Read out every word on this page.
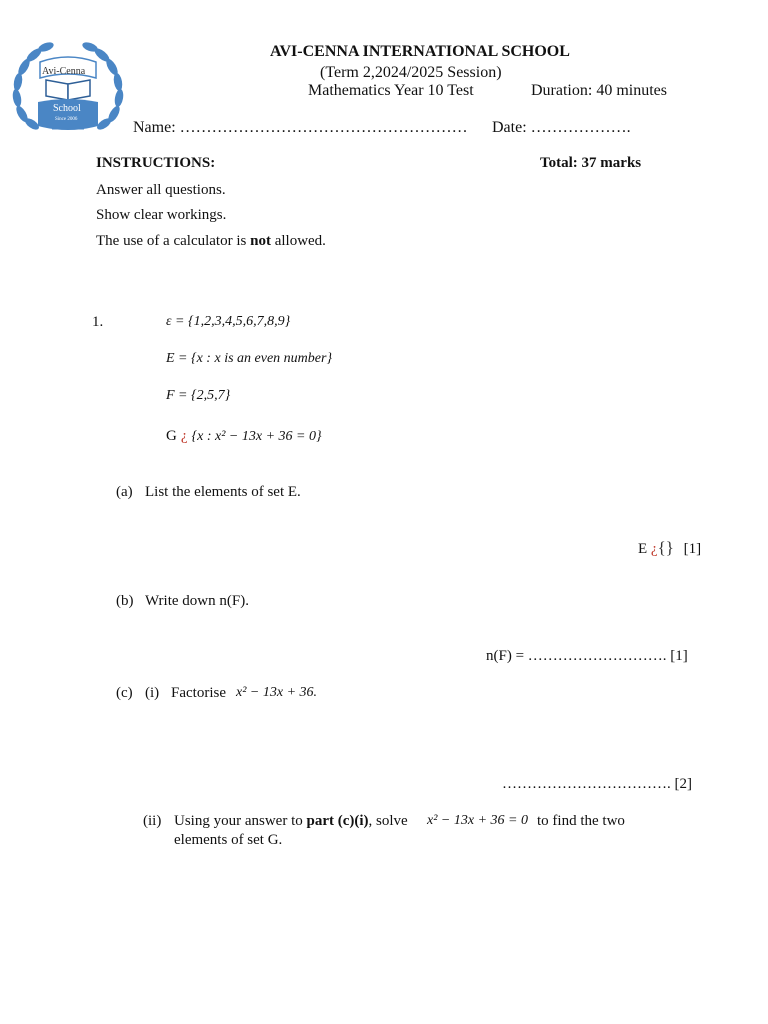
Avi-Cenna
School
Since 2006
AVI-CENNA INTERNATIONAL SCHOOL
(Term 2,2024/2025 Session)
Mathematics Year 10 Test	Duration: 40 minutes
Name: ……………………………………………… Date: ……………….
INSTRUCTIONS:	Total: 37 marks
Answer all questions.
Show clear workings.
The use of a calculator is not allowed.
1.	ε = {1,2,3,4,5,6,7,8,9}
E = {x : x is an even number}
F = {2,5,7}
G ¿ {x : x² − 13x + 36 = 0}
(a) List the elements of set E.
E ¿{} [1]
(b) Write down n(F).
n(F) = ………………………. [1]
(c) (i) Factorise x² − 13x + 36.
……………………………. [2]
(ii) Using your answer to part (c)(i), solve x² − 13x + 36 = 0 to find the two
elements of set G.
